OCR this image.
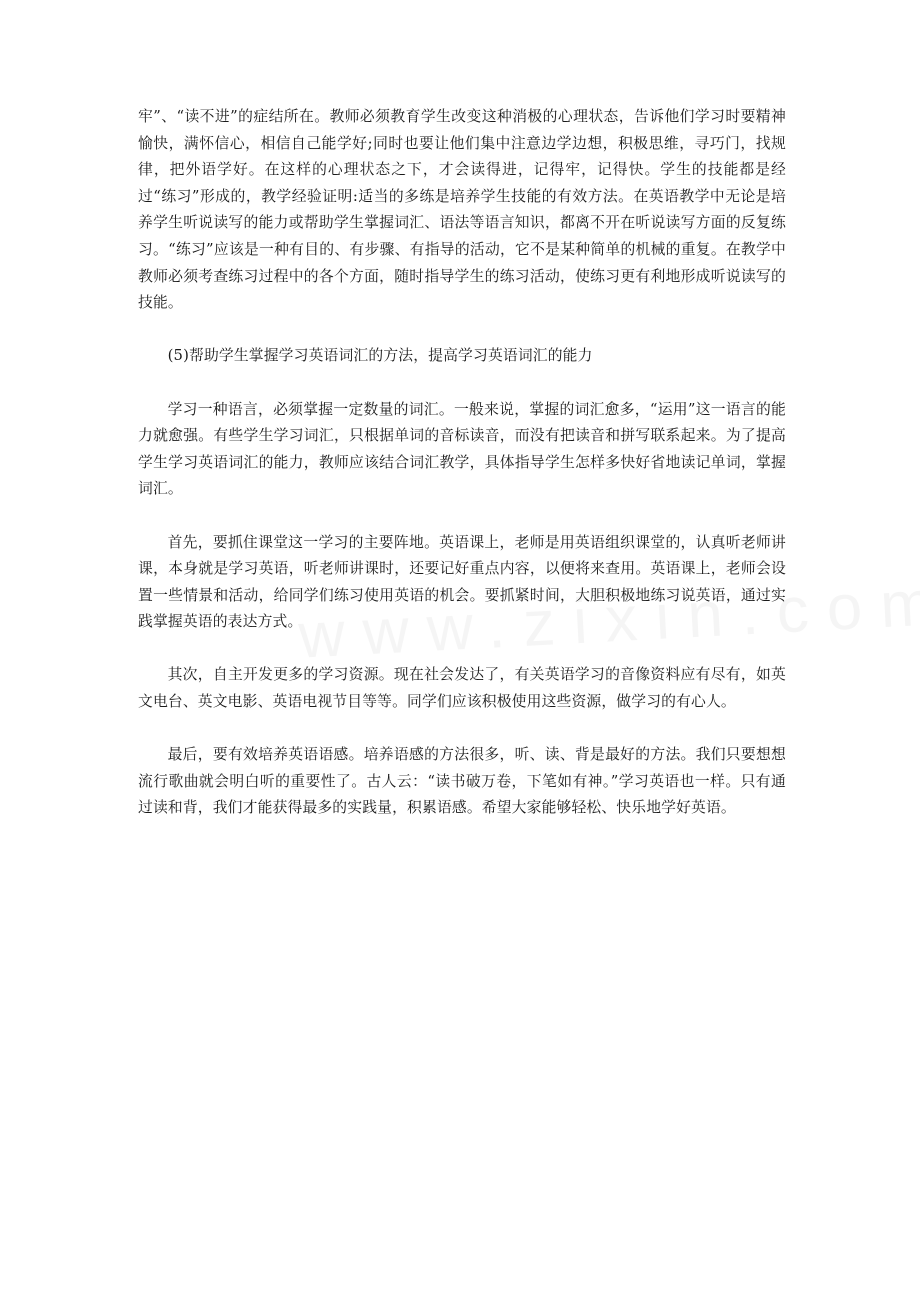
牢”、“读不进”的症结所在。教师必须教育学生改变这种消极的心理状态，告诉他们学习时要精神愉快，满怀信心，相信自己能学好;同时也要让他们集中注意边学边想，积极思维，寻巧门，找规律，把外语学好。在这样的心理状态之下，才会读得进，记得牢，记得快。学生的技能都是经过“练习”形成的，教学经验证明:适当的多练是培养学生技能的有效方法。在英语教学中无论是培养学生听说读写的能力或帮助学生掌握词汇、语法等语言知识，都离不开在听说读写方面的反复练习。“练习”应该是一种有目的、有步骤、有指导的活动，它不是某种简单的机械的重复。在教学中教师必须考查练习过程中的各个方面，随时指导学生的练习活动，使练习更有利地形成听说读写的技能。

(5)帮助学生掌握学习英语词汇的方法，提高学习英语词汇的能力

学习一种语言，必须掌握一定数量的词汇。一般来说，掌握的词汇愈多，“运用”这一语言的能力就愈强。有些学生学习词汇，只根据单词的音标读音，而没有把读音和拼写联系起来。为了提高学生学习英语词汇的能力，教师应该结合词汇教学，具体指导学生怎样多快好省地读记单词，掌握词汇。

首先，要抓住课堂这一学习的主要阵地。英语课上，老师是用英语组织课堂的，认真听老师讲课，本身就是学习英语，听老师讲课时，还要记好重点内容，以便将来查用。英语课上，老师会设置一些情景和活动，给同学们练习使用英语的机会。要抓紧时间，大胆积极地练习说英语，通过实践掌握英语的表达方式。

其次，自主开发更多的学习资源。现在社会发达了，有关英语学习的音像资料应有尽有，如英文电台、英文电影、英语电视节目等等。同学们应该积极使用这些资源，做学习的有心人。

最后，要有效培养英语语感。培养语感的方法很多，听、读、背是最好的方法。我们只要想想流行歌曲就会明白听的重要性了。古人云：“读书破万卷，下笔如有神。”学习英语也一样。只有通过读和背，我们才能获得最多的实践量，积累语感。希望大家能够轻松、快乐地学好英语。
